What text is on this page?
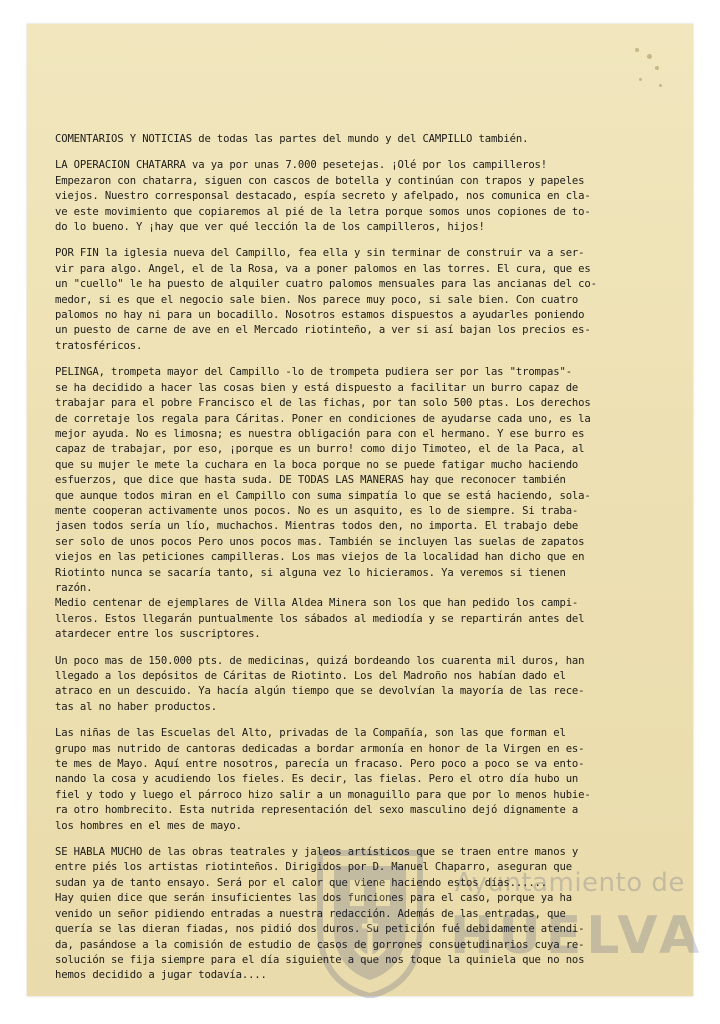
COMENTARIOS Y NOTICIAS de todas las partes del mundo y del CAMPILLO también.
LA OPERACION CHATARRA va ya por unas 7.000 pesetejas. ¡Olé por los campilleros!
Empezaron con chatarra, siguen con cascos de botella y continúan con trapos y papeles
viejos. Nuestro corresponsal destacado, espía secreto y afelpado, nos comunica en cla-
ve este movimiento que copiaremos al pié de la letra porque somos unos copiones de to-
do lo bueno. Y ¡hay que ver qué lección la de los campilleros, hijos!
POR FIN la iglesia nueva del Campillo, fea ella y sin terminar de construir va a ser-
vir para algo. Angel, el de la Rosa, va a poner palomos en las torres. El cura, que es
un "cuello" le ha puesto de alquiler cuatro palomos mensuales para las ancianas del co-
medor, si es que el negocio sale bien. Nos parece muy poco, si sale bien. Con cuatro
palomos no hay ni para un bocadillo. Nosotros estamos dispuestos a ayudarles poniendo
un puesto de carne de ave en el Mercado riotinteño, a ver si así bajan los precios es-
tratosféricos.
PELINGA, trompeta mayor del Campillo -lo de trompeta pudiera ser por las "trompas"-
se ha decidido a hacer las cosas bien y está dispuesto a facilitar un burro capaz de
trabajar para el pobre Francisco el de las fichas, por tan solo 500 ptas. Los derechos
de corretaje los regala para Cáritas. Poner en condiciones de ayudarse cada uno, es la
mejor ayuda. No es limosna; es nuestra obligación para con el hermano. Y ese burro es
capaz de trabajar, por eso, ¡porque es un burro! como dijo Timoteo, el de la Paca, al
que su mujer le mete la cuchara en la boca porque no se puede fatigar mucho haciendo
esfuerzos, que dice que hasta suda. DE TODAS LAS MANERAS hay que reconocer también
que aunque todos miran en el Campillo con suma simpatía lo que se está haciendo, sola-
mente cooperan activamente unos pocos. No es un asquito, es lo de siempre. Si traba-
jasen todos sería un lío, muchachos. Mientras todos den, no importa. El trabajo debe
ser solo de unos pocos Pero unos pocos mas. También se incluyen las suelas de zapatos
viejos en las peticiones campilleras. Los mas viejos de la localidad han dicho que en
Riotinto nunca se sacaría tanto, si alguna vez lo hicieramos. Ya veremos si tienen
razón.
Medio centenar de ejemplares de Villa Aldea Minera son los que han pedido los campi-
lleros. Estos llegarán puntualmente los sábados al mediodía y se repartirán antes del
atardecer entre los suscriptores.
Un poco mas de 150.000 pts. de medicinas, quizá bordeando los cuarenta mil duros, han
llegado a los depósitos de Cáritas de Riotinto. Los del Madroño nos habían dado el
atraco en un descuido. Ya hacía algún tiempo que se devolvían la mayoría de las rece-
tas al no haber productos.
Las niñas de las Escuelas del Alto, privadas de la Compañía, son las que forman el
grupo mas nutrido de cantoras dedicadas a bordar armonía en honor de la Virgen en es-
te mes de Mayo. Aquí entre nosotros, parecía un fracaso. Pero poco a poco se va ento-
nando la cosa y acudiendo los fieles. Es decir, las fielas. Pero el otro día hubo un
fiel y todo y luego el párroco hizo salir a un monaguillo para que por lo menos hubie-
ra otro hombrecito. Esta nutrida representación del sexo masculino dejó dignamente a
los hombres en el mes de mayo.
SE HABLA MUCHO de las obras teatrales y jaleos artísticos que se traen entre manos y
entre piés los artistas riotinteños. Dirigidos por D. Manuel Chaparro, aseguran que
sudan ya de tanto ensayo. Será por el calor que viene haciendo estos días......
Hay quien dice que serán insuficientes las dos funciones para el caso, porque ya ha
venido un señor pidiendo entradas a nuestra redacción. Además de las entradas, que
quería se las dieran fiadas, nos pidió dos duros. Su petición fué debidamente atendi-
da, pasándose a la comisión de estudio de casos de gorrones consuetudinarios cuya re-
solución se fija siempre para el día siguiente a que nos toque la quiniela que no nos
hemos decidido a jugar todavía....
Ayuntamiento de
HUELVA
